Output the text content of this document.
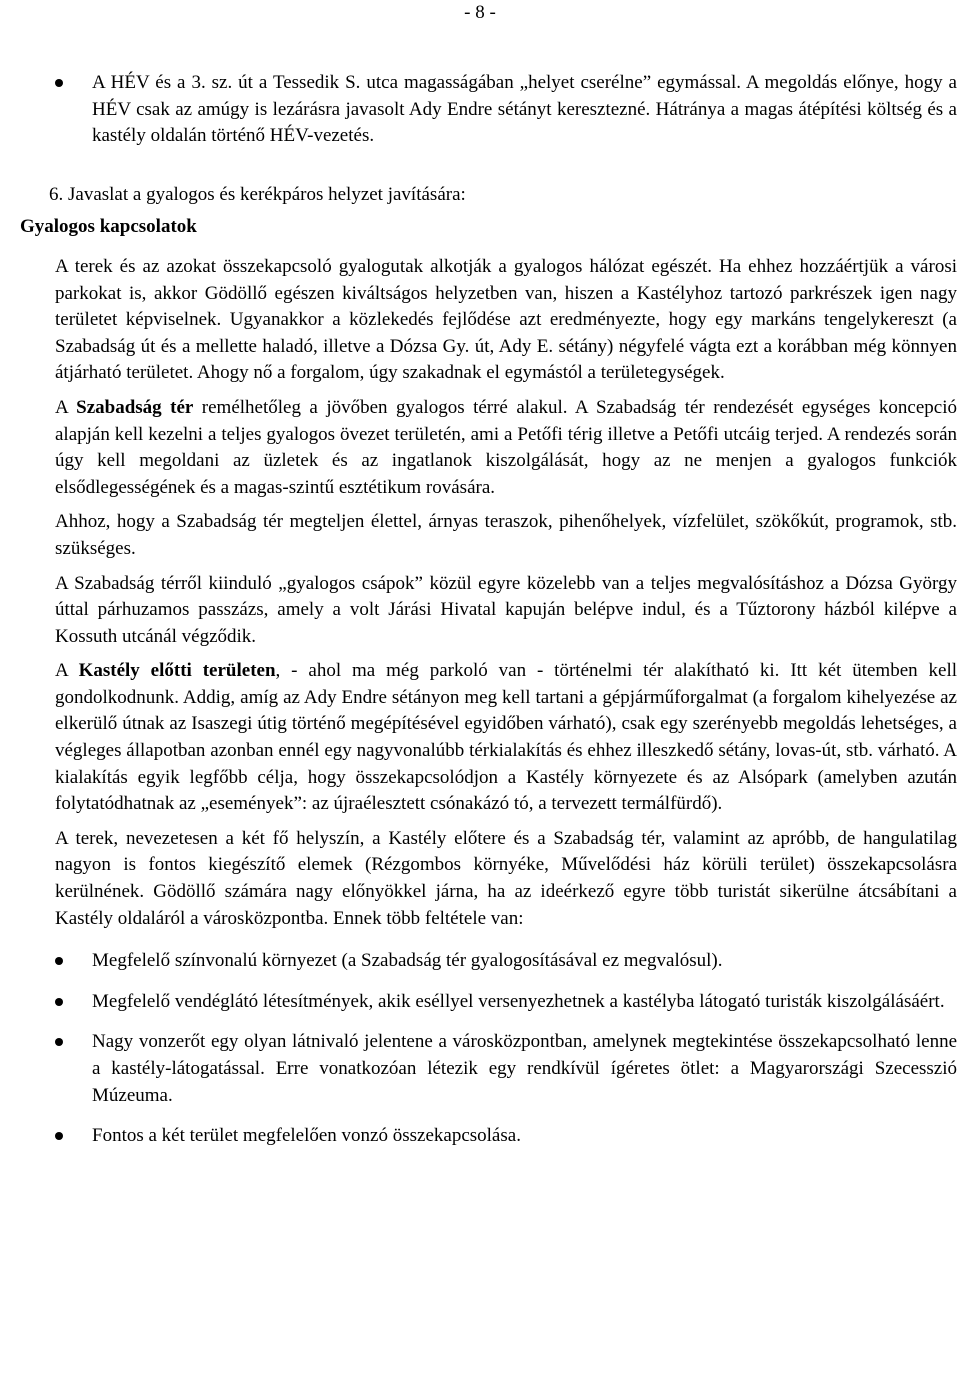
- 8 -
A HÉV és a 3. sz. út a Tessedik S. utca magasságában „helyet cserélne” egymással. A megoldás előnye, hogy a HÉV csak az amúgy is lezárásra javasolt Ady Endre sétányt keresztezné. Hátránya a magas átépítési költség és a kastély oldalán történő HÉV-vezetés.

6. Javaslat a gyalogos és kerékpáros helyzet javítására:

Gyalogos kapcsolatok

A terek és az azokat összekapcsoló gyalogutak alkotják a gyalogos hálózat egészét. Ha ehhez hozzáértjük a városi parkokat is, akkor Gödöllő egészen kiváltságos helyzetben van, hiszen a Kastélyhoz tartozó parkrészek igen nagy területet képviselnek. Ugyanakkor a közlekedés fejlődése azt eredményezte, hogy egy markáns tengelykereszt (a Szabadság út és a mellette haladó, illetve a Dózsa Gy. út, Ady E. sétány) négyfelé vágta ezt a korábban még könnyen átjárható területet. Ahogy nő a forgalom, úgy szakadnak el egymástól a területegységek.

A Szabadság tér remélhetőleg a jövőben gyalogos térré alakul. A Szabadság tér rendezését egységes koncepció alapján kell kezelni a teljes gyalogos övezet területén, ami a Petőfi térig illetve a Petőfi utcáig terjed. A rendezés során úgy kell megoldani az üzletek és az ingatlanok kiszolgálását, hogy az ne menjen a gyalogos funkciók elsődlegességének és a magas-szintű esztétikum rovására.

Ahhoz, hogy a Szabadság tér megteljen élettel, árnyas teraszok, pihenőhelyek, vízfelület, szökőkút, programok, stb. szükséges.

A Szabadság térről kiinduló „gyalogos csápok” közül egyre közelebb van a teljes megvalósításhoz a Dózsa György úttal párhuzamos passzázs, amely a volt Járási Hivatal kapuján belépve indul, és a Tűztorony házból kilépve a Kossuth utcánál végződik.

A Kastély előtti területen, - ahol ma még parkoló van - történelmi tér alakítható ki. Itt két ütemben kell gondolkodnunk. Addig, amíg az Ady Endre sétányon meg kell tartani a gépjárműforgalmat (a forgalom kihelyezése az elkerülő útnak az Isaszegi útig történő megépítésével egyidőben várható), csak egy szerényebb megoldás lehetséges, a végleges állapotban azonban ennél egy nagyvonalúbb térkialakítás és ehhez illeszkedő sétány, lovas-út, stb. várható. A kialakítás egyik legfőbb célja, hogy összekapcsolódjon a Kastély környezete és az Alsópark (amelyben azután folytatódhatnak az „események”: az újraélesztett csónakázó tó, a tervezett termálfürdő).

A terek, nevezetesen a két fő helyszín, a Kastély előtere és a Szabadság tér, valamint az apróbb, de hangulatilag nagyon is fontos kiegészítő elemek (Rézgombos környéke, Művelődési ház körüli terület) összekapcsolásra kerülnének. Gödöllő számára nagy előnyökkel járna, ha az ideérkező egyre több turistát sikerülne átcsábítani a Kastély oldaláról a városközpontba. Ennek több feltétele van:

Megfelelő színvonalú környezet (a Szabadság tér gyalogosításával ez megvalósul).
Megfelelő vendéglátó létesítmények, akik eséllyel versenyezhetnek a kastélyba látogató turisták kiszolgálásáért.
Nagy vonzerőt egy olyan látnivaló jelentene a városközpontban, amelynek megtekintése összekapcsolható lenne a kastély-látogatással. Erre vonatkozóan létezik egy rendkívül ígéretes ötlet: a Magyarországi Szecesszió Múzeuma.
Fontos a két terület megfelelően vonzó összekapcsolása.
